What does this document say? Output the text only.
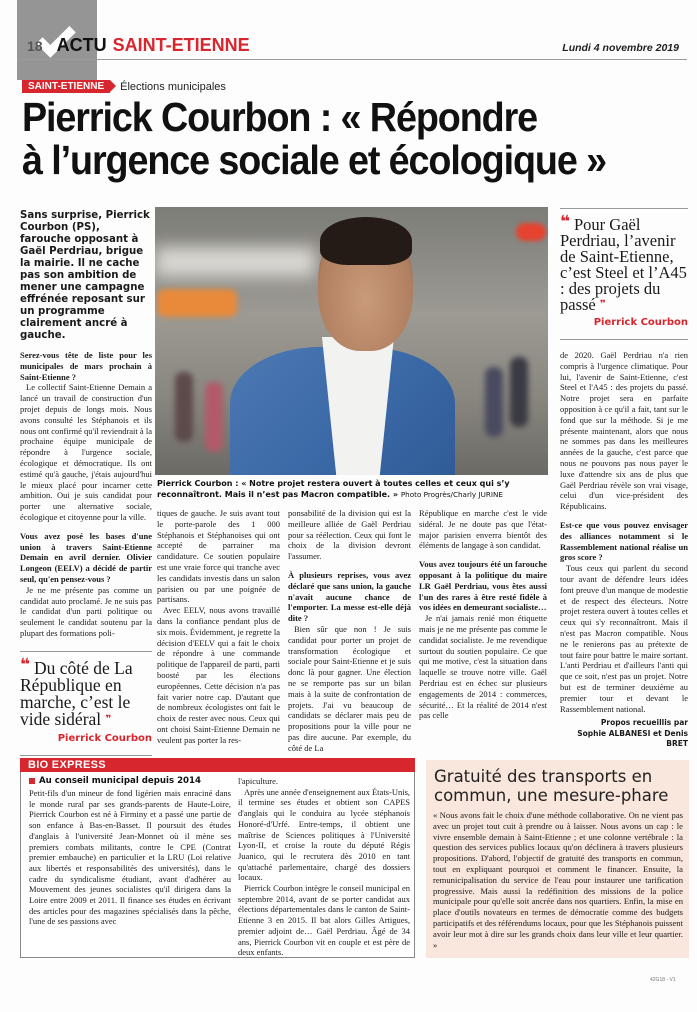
18 ACTU SAINT-ETIENNE	Lundi 4 novembre 2019
SAINT-ETIENNE	Élections municipales
Pierrick Courbon : « Répondre
à l’urgence sociale et écologique »
Sans surprise, Pierrick Courbon (PS), farouche opposant à Gaël Perdriau, brigue la mairie. Il ne cache pas son ambition de mener une campagne effrénée reposant sur un programme clairement ancré à gauche.

Serez-vous tête de liste pour les municipales de mars prochain à Saint-Etienne ?

Le collectif Saint-Etienne Demain a lancé un travail de construction d'un projet depuis de longs mois. Nous avons consulté les Stéphanois et ils nous ont confirmé qu'il reviendrait à la prochaine équipe municipale de répondre à l'urgence sociale, écologique et démocratique. Ils ont estimé qu'à gauche, j'étais aujourd'hui le mieux placé pour incarner cette ambition. Oui je suis candidat pour porter une alternative sociale, écologique et citoyenne pour la ville.

Vous avez posé les bases d'une union à travers Saint-Etienne Demain en avril dernier. Olivier Longeon (EELV) a décidé de partir seul, qu'en pensez-vous ?

Je ne me présente pas comme un candidat auto proclamé. Je ne suis pas le candidat d'un parti politique ou seulement le candidat soutenu par la plupart des formations poli-

❝ Du côté de La République en marche, c’est le vide sidéral ❞
Pierrick Courbon
Pierrick Courbon : « Notre projet restera ouvert à toutes celles et ceux qui s’y reconnaîtront. Mais il n’est pas Macron compatible. » Photo Progrès/Charly JURINE

tiques de gauche. Je suis avant tout le porte-parole des 1 000 Stéphanois et Stéphanoises qui ont accepté de parrainer ma candidature. Ce soutien populaire est une vraie force qui tranche avec les candidats investis dans un salon parisien ou par une poignée de partisans.

Avec EELV, nous avons travaillé dans la confiance pendant plus de six mois. Évidemment, je regrette la décision d'EELV qui a fait le choix de répondre à une commande politique de l'appareil de parti, parti boosté par les élections européennes. Cette décision n'a pas fait varier notre cap. D'autant que de nombreux écologistes ont fait le choix de rester avec nous. Ceux qui ont choisi Saint-Etienne Demain ne veulent pas porter la res-

ponsabilité de la division qui est la meilleure alliée de Gaël Perdriau pour sa réélection. Ceux qui font le choix de la division devront l'assumer.

À plusieurs reprises, vous avez déclaré que sans union, la gauche n'avait aucune chance de l'emporter. La messe est-elle déjà dite ?

Bien sûr que non ! Je suis candidat pour porter un projet de transformation écologique et sociale pour Saint-Etienne et je suis donc là pour gagner. Une élection ne se remporte pas sur un bilan mais à la suite de confrontation de projets. J'ai vu beaucoup de candidats se déclarer mais peu de propositions pour la ville pour ne pas dire aucune. Par exemple, du côté de La

République en marche c'est le vide sidéral. Je ne doute pas que l'état-major parisien enverra bientôt des éléments de langage à son candidat.

Vous avez toujours été un farouche opposant à la politique du maire LR Gaël Perdriau, vous êtes aussi l'un des rares à être resté fidèle à vos idées en demeurant socialiste…

Je n'ai jamais renié mon étiquette mais je ne me présente pas comme le candidat socialiste. Je me revendique surtout du soutien populaire. Ce que qui me motive, c'est la situation dans laquelle se trouve notre ville. Gaël Perdriau est en échec sur plusieurs engagements de 2014 : commerces, sécurité… Et la réalité de 2014 n'est pas celle

❝ Pour Gaël Perdriau, l’avenir de Saint-Etienne, c’est Steel et l’A45 : des projets du passé ❞
Pierrick Courbon

de 2020. Gaël Perdriau n'a rien compris à l'urgence climatique. Pour lui, l'avenir de Saint-Etienne, c'est Steel et l'A45 : des projets du passé. Notre projet sera en parfaite opposition à ce qu'il a fait, tant sur le fond que sur la méthode. Si je me présente maintenant, alors que nous ne sommes pas dans les meilleures années de la gauche, c'est parce que nous ne pouvons pas nous payer le luxe d'attendre six ans de plus que Gaël Perdriau révèle son vrai visage, celui d'un vice-président des Républicains.

Est-ce que vous pouvez envisager des alliances notamment si le Rassemblement national réalise un gros score ?

Tous ceux qui parlent du second tour avant de défendre leurs idées font preuve d'un manque de modestie et de respect des électeurs. Notre projet restera ouvert à toutes celles et ceux qui s'y reconnaîtront. Mais il n'est pas Macron compatible. Nous ne le renierons pas au prétexte de tout faire pour battre le maire sortant. L'anti Perdriau et d'ailleurs l'anti qui que ce soit, n'est pas un projet. Notre but est de terminer deuxième au premier tour et devant le Rassemblement national.

Propos recueillis par
Sophie ALBANESI et Denis BRET
BIO EXPRESS
Au conseil municipal depuis 2014

Petit-fils d'un mineur de fond ligérien mais enraciné dans le monde rural par ses grands-parents de Haute-Loire, Pierrick Courbon est né à Firminy et a passé une partie de son enfance à Bas-en-Basset. Il poursuit des études d'anglais à l'université Jean-Monnet où il mène ses premiers combats militants, contre le CPE (Contrat premier embauche) en particulier et la LRU (Loi relative aux libertés et responsabilités des universités), dans le cadre du syndicalisme étudiant, avant d'adhérer au Mouvement des jeunes socialistes qu'il dirigera dans la Loire entre 2009 et 2011. Il finance ses études en écrivant des articles pour des magazines spécialisés dans la pêche, l'une de ses passions avec

l'apiculture.

Après une année d'enseignement aux États-Unis, il termine ses études et obtient son CAPES d'anglais qui le conduira au lycée stéphanois Honoré-d'Urfé. Entre-temps, il obtient une maîtrise de Sciences politiques à l'Université Lyon-II, et croise la route du député Régis Juanico, qui le recrutera dès 2010 en tant qu'attaché parlementaire, chargé des dossiers locaux.

Pierrick Courbon intègre le conseil municipal en septembre 2014, avant de se porter candidat aux élections départementales dans le canton de Saint-Etienne 3 en 2015. Il bat alors Gilles Artigues, premier adjoint de… Gaël Perdriau. Âgé de 34 ans, Pierrick Courbon vit en couple et est père de deux enfants.

Gratuité des transports en commun, une mesure-phare
« Nous avons fait le choix d'une méthode collaborative. On ne vient pas avec un projet tout cuit à prendre ou à laisser. Nous avons un cap : le vivre ensemble demain à Saint-Etienne ; et une colonne vertébrale : la question des services publics locaux qu'on déclinera à travers plusieurs propositions. D'abord, l'objectif de gratuité des transports en commun, tout en expliquant pourquoi et comment le financer. Ensuite, la remunicipalisation du service de l'eau pour instaurer une tarification progressive. Mais aussi la redéfinition des missions de la police municipale pour qu'elle soit ancrée dans nos quartiers. Enfin, la mise en place d'outils novateurs en termes de démocratie comme des budgets participatifs et des référendums locaux, pour que les Stéphanois puissent avoir leur mot à dire sur les grands choix dans leur ville et leur quartier. »
42G18 - V1
